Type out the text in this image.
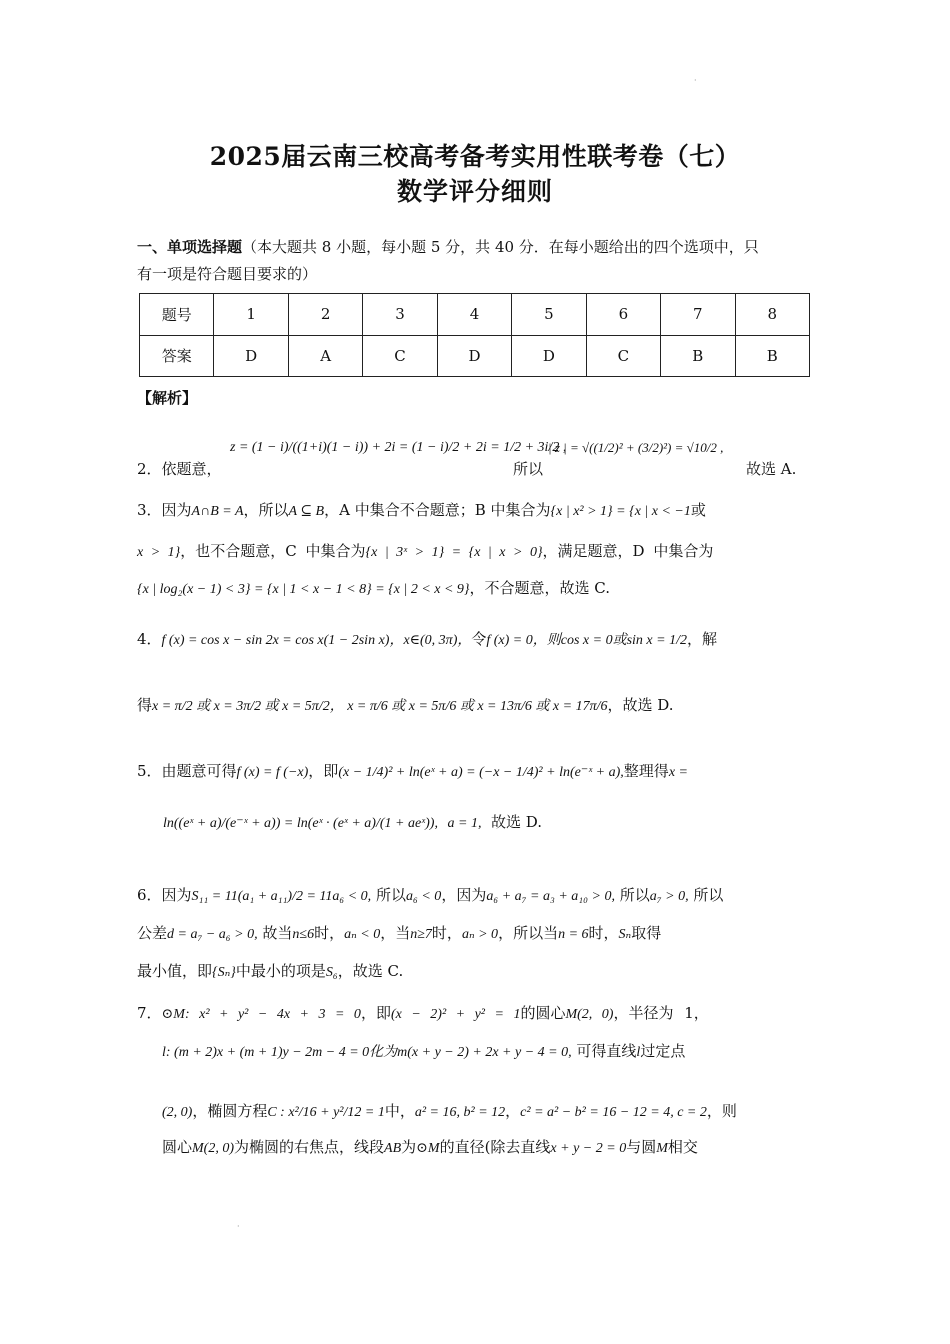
·
2025届云南三校高考备考实用性联考卷（七）
数学评分细则
一、单项选择题（本大题共 8 小题，每小题 5 分，共 40 分．在每小题给出的四个选项中，只
有一项是符合题目要求的）
题号	1	2	3	4	5	6	7	8
答案	D	A	C	D	D	C	B	B
【解析】
2．依题意，
z = (1 − i)/((1+i)(1 − i)) + 2i = (1 − i)/2 + 2i = 1/2 + 3i/2 ,
所以
| z | = √((1/2)² + (3/2)²) = √10/2 ,
故选 A.
3．因为A∩B = A，所以A ⊆ B，A 中集合不合题意；B 中集合为{x | x² > 1} = {x | x < −1或
x > 1}，也不合题意，C 中集合为{x | 3ˣ > 1} = {x | x > 0}，满足题意，D 中集合为
{x | log₂(x − 1) < 3} = {x | 1 < x − 1 < 8} = {x | 2 < x < 9}，不合题意，故选 C.
4．f (x) = cos x − sin 2x = cos x(1 − 2sin x)，x∈(0, 3π)，令f (x) = 0，则cos x = 0或sin x = 1/2，解
得x = π/2 或 x = 3π/2 或 x = 5π/2， x = π/6 或 x = 5π/6 或 x = 13π/6 或 x = 17π/6，故选 D.
5．由题意可得f (x) = f (−x)，即(x − 1/4)² + ln(eˣ + a) = (−x − 1/4)² + ln(e⁻ˣ + a),整理得x =
ln((eˣ + a)/(e⁻ˣ + a)) = ln(eˣ · (eˣ + a)/(1 + aeˣ)), a = 1, 故选 D.
6．因为S₁₁ = 11(a₁ + a₁₁)/2 = 11a₆ < 0, 所以a₆ < 0，因为a₆ + a₇ = a₃ + a₁₀ > 0, 所以a₇ > 0, 所以
公差d = a₇ − a₆ > 0, 故当n≤6时，aₙ < 0，当n≥7时，aₙ > 0，所以当n = 6时，Sₙ取得
最小值，即{Sₙ}中最小的项是S₆，故选 C.
7．⊙M: x² + y² − 4x + 3 = 0，即(x − 2)² + y² = 1的圆心M(2, 0)，半径为 1，
l: (m + 2)x + (m + 1)y − 2m − 4 = 0化为m(x + y − 2) + 2x + y − 4 = 0, 可得直线l过定点
(2, 0)，椭圆方程C : x²/16 + y²/12 = 1中，a² = 16, b² = 12，c² = a² − b² = 16 − 12 = 4, c = 2，则
圆心M(2, 0)为椭圆的右焦点，线段AB为⊙M的直径(除去直线x + y − 2 = 0与圆M相交
·
